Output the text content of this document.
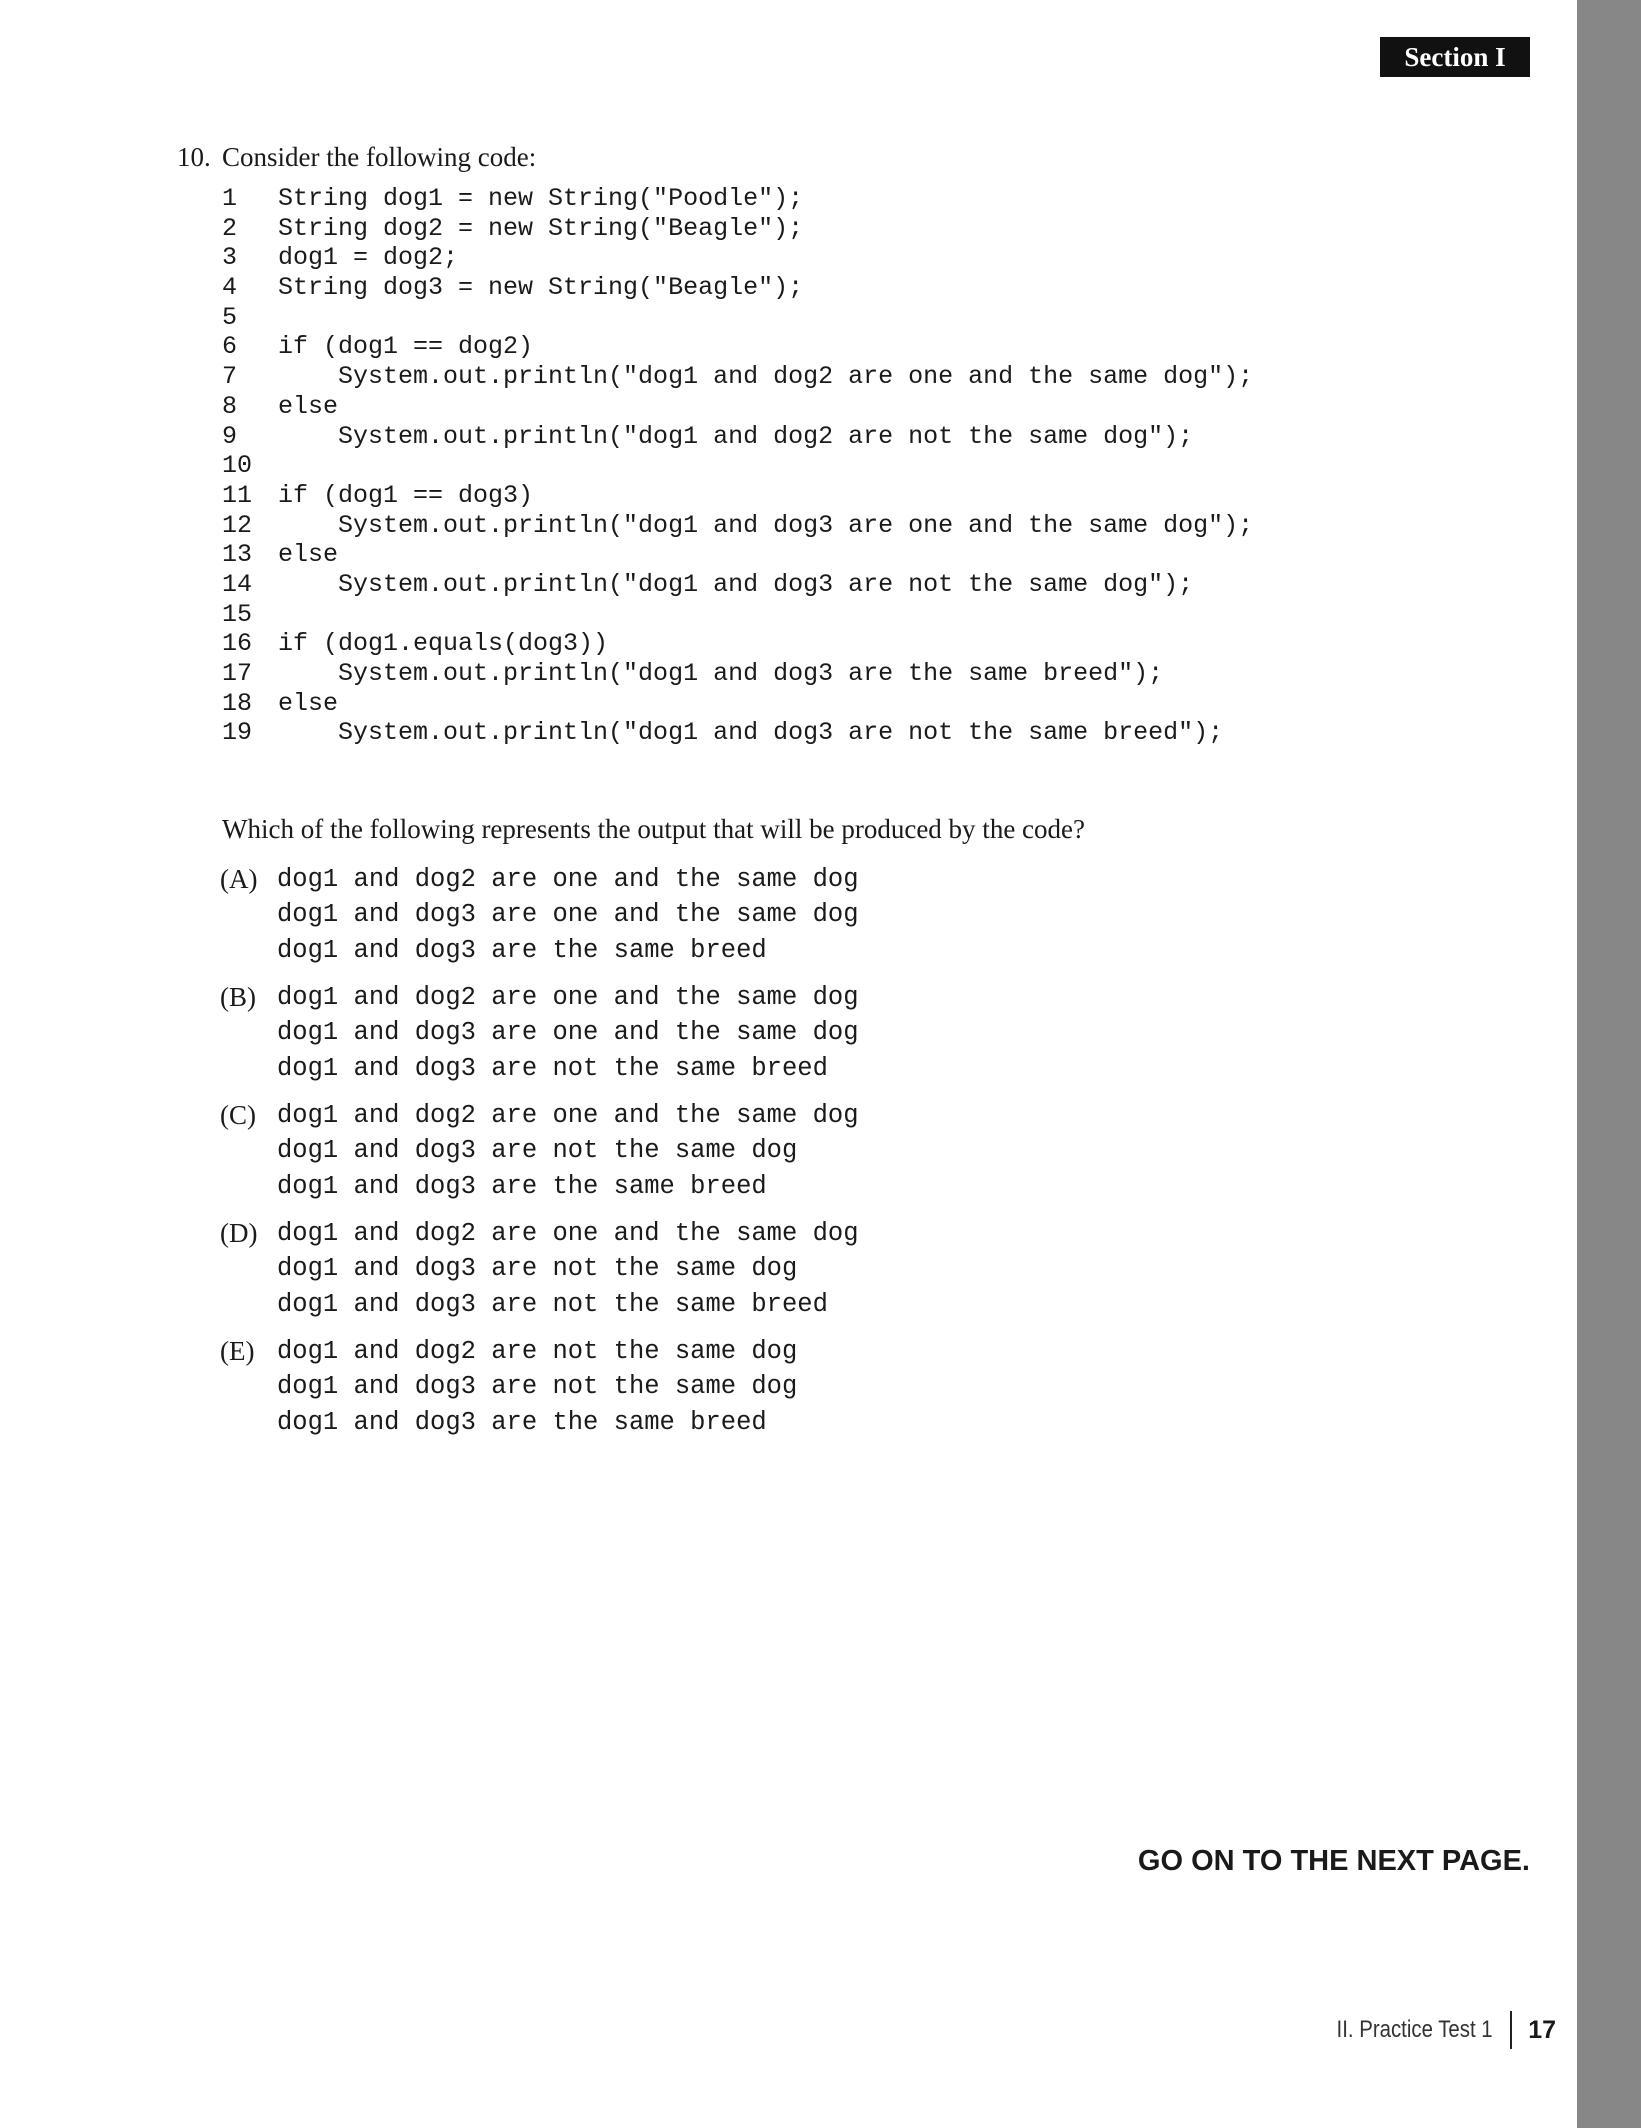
Section I
10. Consider the following code:
1 String dog1 = new String("Poodle");
2 String dog2 = new String("Beagle");
3 dog1 = dog2;
4 String dog3 = new String("Beagle");
5
6 if (dog1 == dog2)
7    System.out.println("dog1 and dog2 are one and the same dog");
8 else
9    System.out.println("dog1 and dog2 are not the same dog");
10
11 if (dog1 == dog3)
12    System.out.println("dog1 and dog3 are one and the same dog");
13 else
14    System.out.println("dog1 and dog3 are not the same dog");
15
16 if (dog1.equals(dog3))
17    System.out.println("dog1 and dog3 are the same breed");
18 else
19    System.out.println("dog1 and dog3 are not the same breed");
Which of the following represents the output that will be produced by the code?
(A) dog1 and dog2 are one and the same dog
dog1 and dog3 are one and the same dog
dog1 and dog3 are the same breed
(B) dog1 and dog2 are one and the same dog
dog1 and dog3 are one and the same dog
dog1 and dog3 are not the same breed
(C) dog1 and dog2 are one and the same dog
dog1 and dog3 are not the same dog
dog1 and dog3 are the same breed
(D) dog1 and dog2 are one and the same dog
dog1 and dog3 are not the same dog
dog1 and dog3 are not the same breed
(E) dog1 and dog2 are not the same dog
dog1 and dog3 are not the same dog
dog1 and dog3 are the same breed
GO ON TO THE NEXT PAGE.
II. Practice Test 1 17
